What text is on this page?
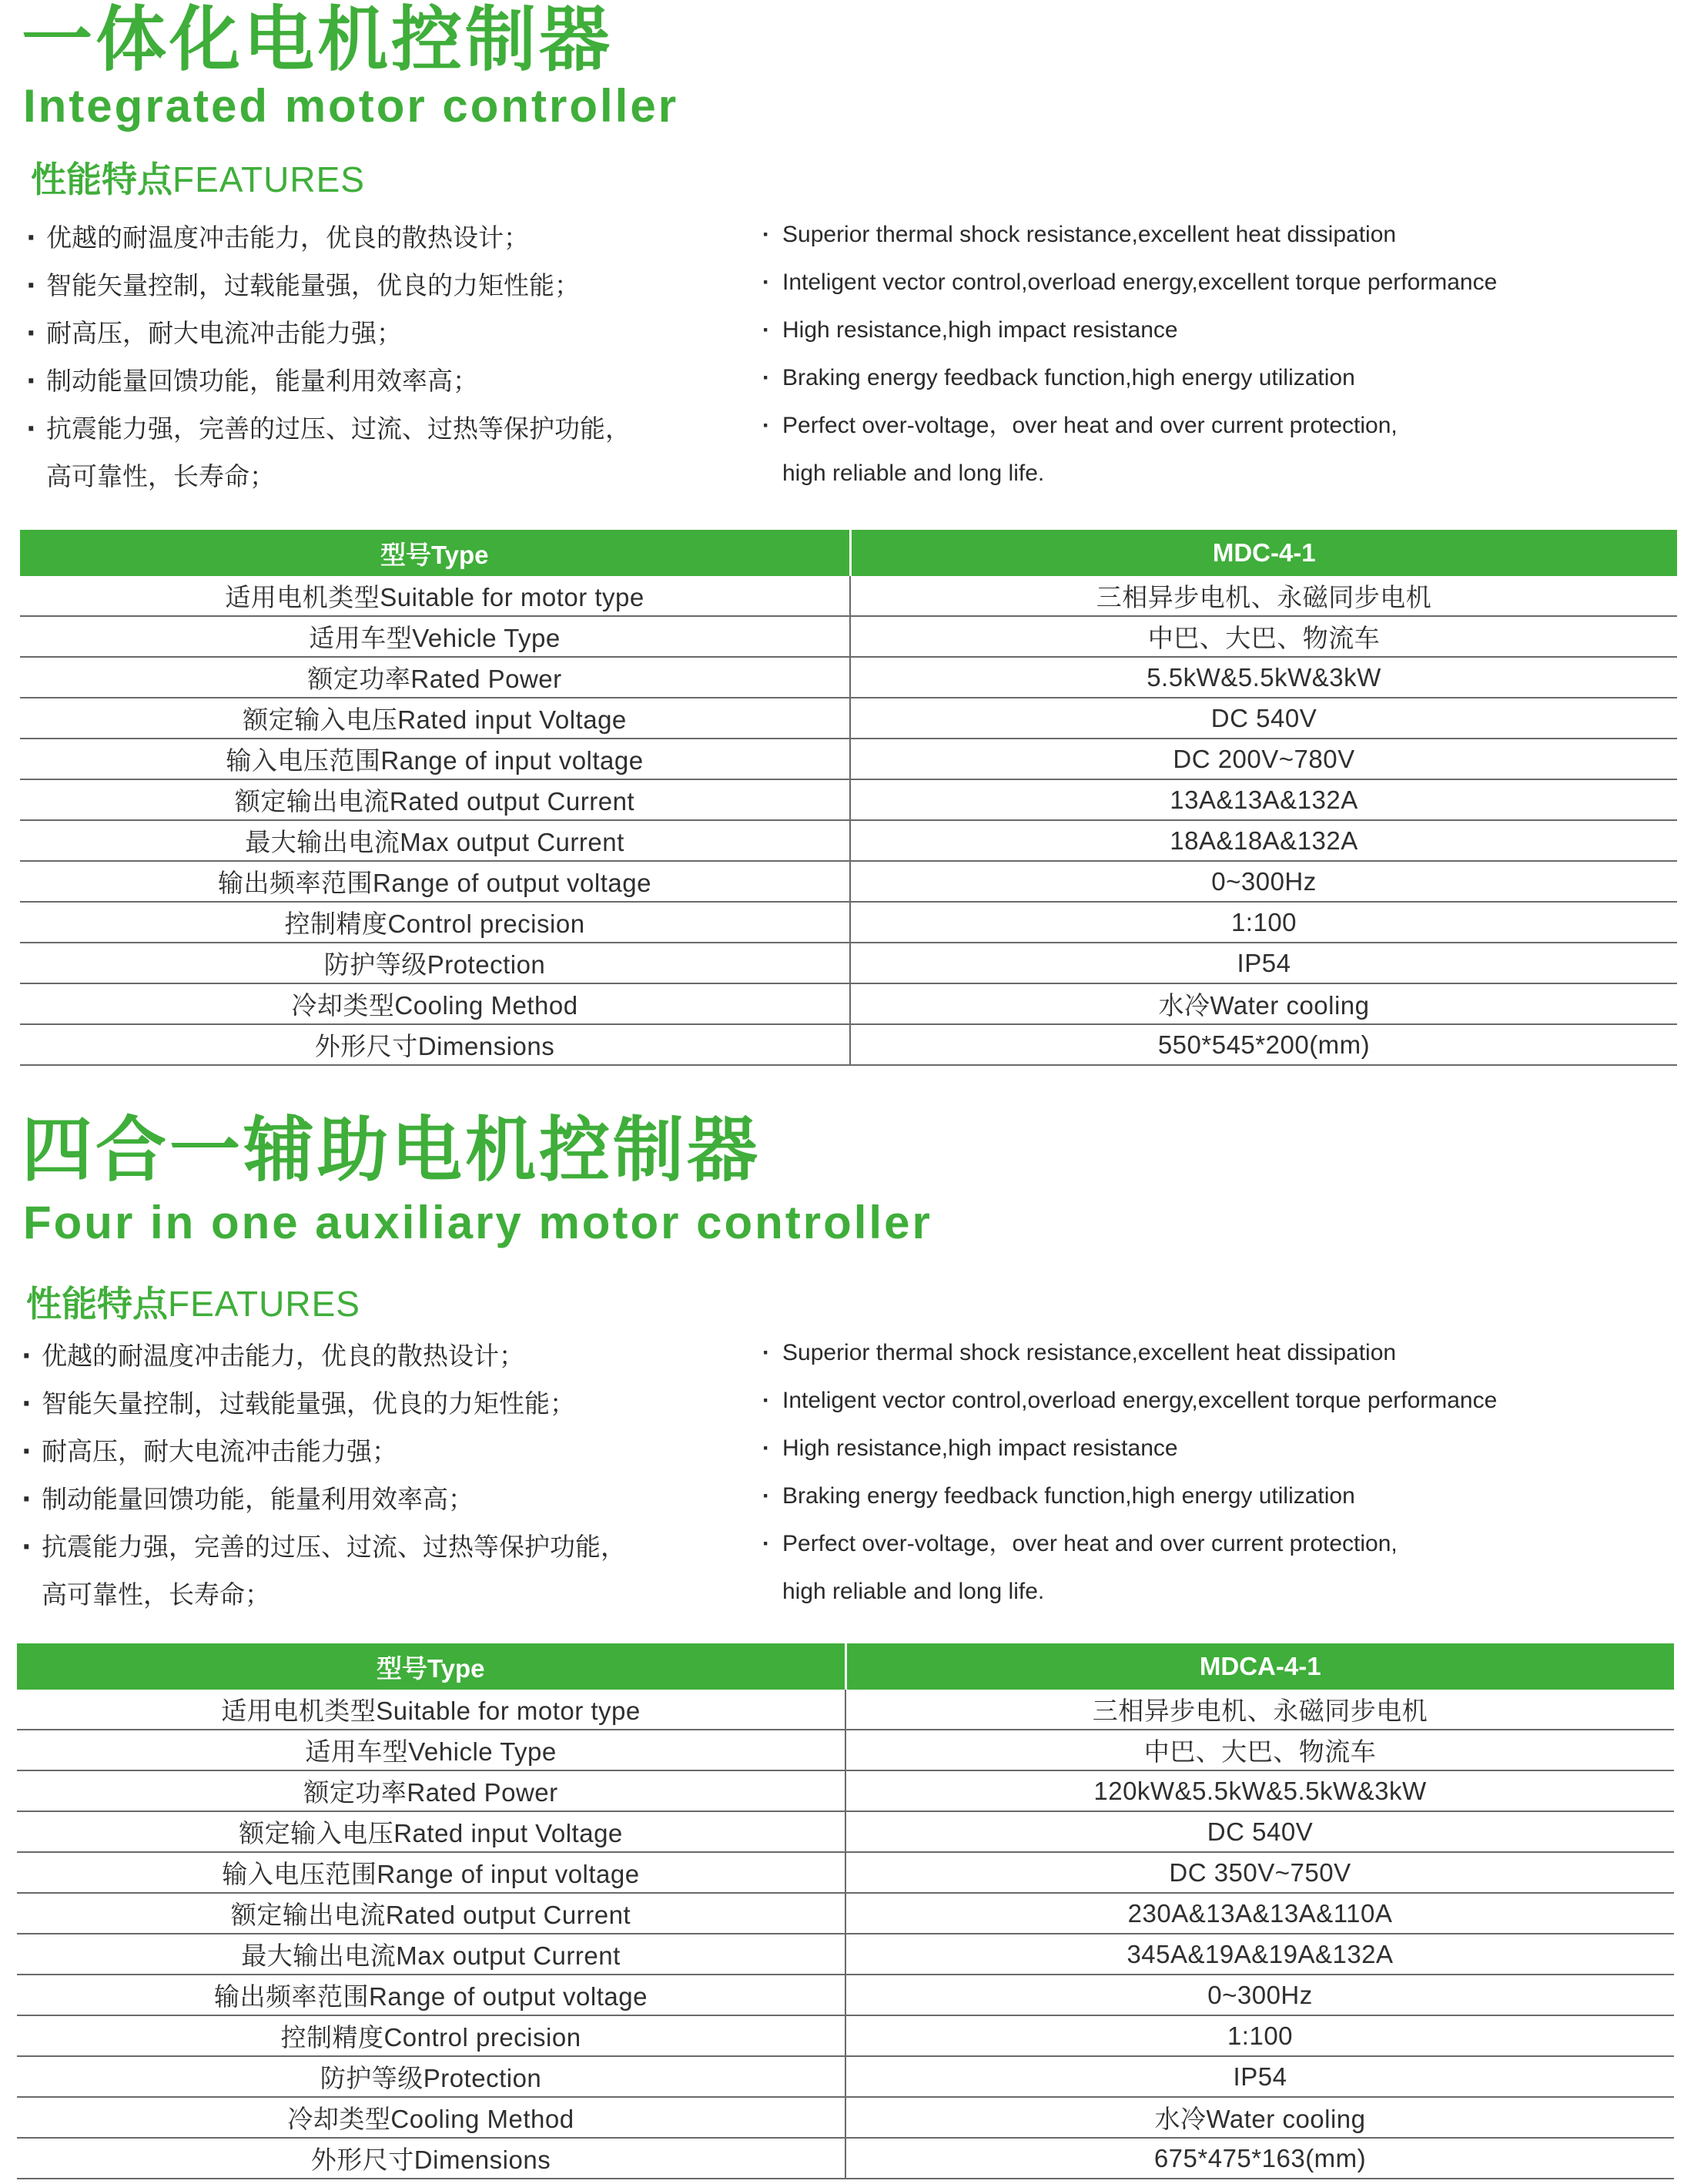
一体化电机控制器
Integrated motor controller
性能特点FEATURES
· 优越的耐温度冲击能力，优良的散热设计；
· 智能矢量控制，过载能量强，优良的力矩性能；
· 耐高压，耐大电流冲击能力强；
· 制动能量回馈功能，能量利用效率高；
· 抗震能力强，完善的过压、过流、过热等保护功能，
高可靠性，长寿命；
· Superior thermal shock resistance,excellent heat dissipation
· Inteligent vector control,overload energy,excellent torque performance
· High resistance,high impact resistance
· Braking energy feedback function,high energy utilization
· Perfect over-voltage，over heat and over current protection,
high reliable and long life.
型号Type	MDC-4-1
适用电机类型Suitable for motor type	三相异步电机、永磁同步电机
适用车型Vehicle Type	中巴、大巴、物流车
额定功率Rated Power	5.5kW&5.5kW&3kW
额定输入电压Rated input Voltage	DC 540V
输入电压范围Range of input voltage	DC 200V~780V
额定输出电流Rated output Current	13A&13A&132A
最大输出电流Max output Current	18A&18A&132A
输出频率范围Range of output voltage	0~300Hz
控制精度Control precision	1:100
防护等级Protection	IP54
冷却类型Cooling Method	水冷Water cooling
外形尺寸Dimensions	550*545*200(mm)
四合一辅助电机控制器
Four in one auxiliary motor controller
性能特点FEATURES
· 优越的耐温度冲击能力，优良的散热设计；
· 智能矢量控制，过载能量强，优良的力矩性能；
· 耐高压，耐大电流冲击能力强；
· 制动能量回馈功能，能量利用效率高；
· 抗震能力强，完善的过压、过流、过热等保护功能，
高可靠性，长寿命；
· Superior thermal shock resistance,excellent heat dissipation
· Inteligent vector control,overload energy,excellent torque performance
· High resistance,high impact resistance
· Braking energy feedback function,high energy utilization
· Perfect over-voltage，over heat and over current protection,
high reliable and long life.
型号Type	MDCA-4-1
适用电机类型Suitable for motor type	三相异步电机、永磁同步电机
适用车型Vehicle Type	中巴、大巴、物流车
额定功率Rated Power	120kW&5.5kW&5.5kW&3kW
额定输入电压Rated input Voltage	DC 540V
输入电压范围Range of input voltage	DC 350V~750V
额定输出电流Rated output Current	230A&13A&13A&110A
最大输出电流Max output Current	345A&19A&19A&132A
输出频率范围Range of output voltage	0~300Hz
控制精度Control precision	1:100
防护等级Protection	IP54
冷却类型Cooling Method	水冷Water cooling
外形尺寸Dimensions	675*475*163(mm)
